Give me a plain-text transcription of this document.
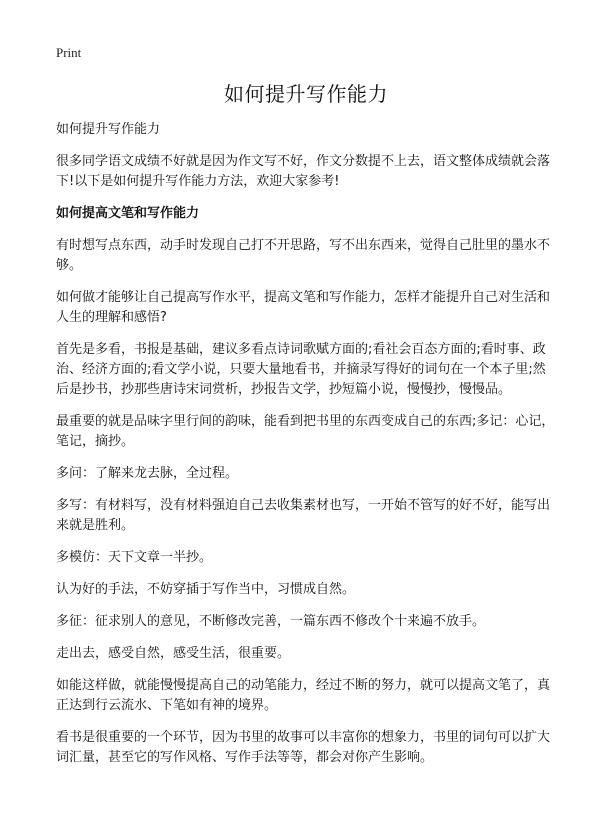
Print
如何提升写作能力

如何提升写作能力

很多同学语文成绩不好就是因为作文写不好，作文分数提不上去，语文整体成绩就会落下!以下是如何提升写作能力方法，欢迎大家参考!

如何提高文笔和写作能力

有时想写点东西，动手时发现自己打不开思路，写不出东西来，觉得自己肚里的墨水不够。

如何做才能够让自己提高写作水平，提高文笔和写作能力，怎样才能提升自己对生活和人生的理解和感悟?

首先是多看，书报是基础，建议多看点诗词歌赋方面的;看社会百态方面的;看时事、政治、经济方面的;看文学小说，只要大量地看书，并摘录写得好的词句在一个本子里;然后是抄书，抄那些唐诗宋词赏析，抄报告文学，抄短篇小说，慢慢抄，慢慢品。

最重要的就是品味字里行间的韵味，能看到把书里的东西变成自己的东西;多记：心记，笔记，摘抄。

多问：了解来龙去脉，全过程。

多写：有材料写，没有材料强迫自己去收集素材也写，一开始不管写的好不好，能写出来就是胜利。

多模仿：天下文章一半抄。

认为好的手法，不妨穿插于写作当中，习惯成自然。

多征：征求别人的意见，不断修改完善，一篇东西不修改个十来遍不放手。

走出去，感受自然，感受生活，很重要。

如能这样做，就能慢慢提高自己的动笔能力，经过不断的努力，就可以提高文笔了，真正达到行云流水、下笔如有神的境界。

看书是很重要的一个环节，因为书里的故事可以丰富你的想象力，书里的词句可以扩大词汇量，甚至它的写作风格、写作手法等等，都会对你产生影响。
